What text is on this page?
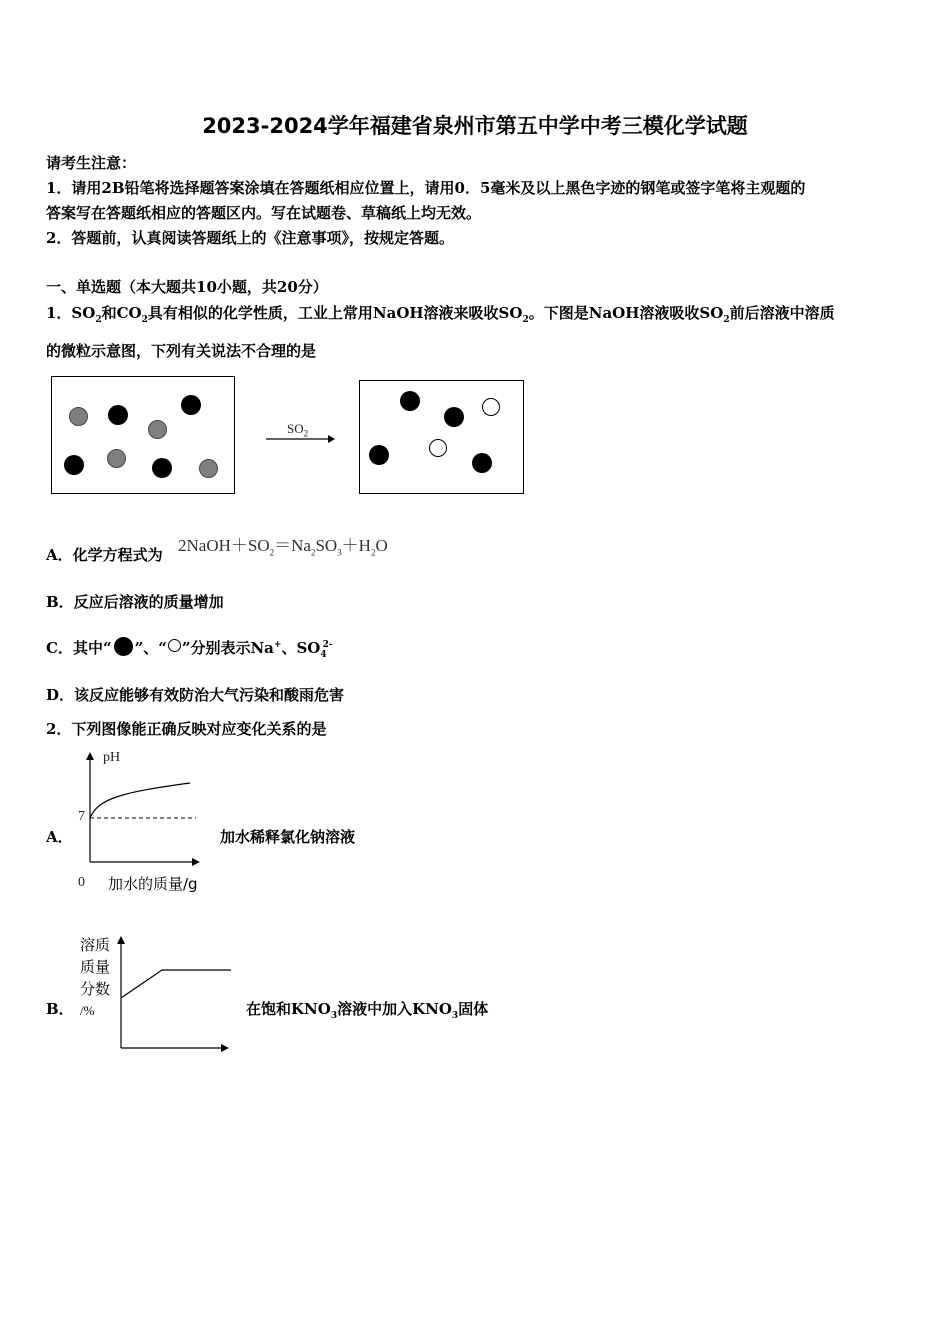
2023-2024学年福建省泉州市第五中学中考三模化学试题
请考生注意：
1．请用2B铅笔将选择题答案涂填在答题纸相应位置上，请用0．5毫米及以上黑色字迹的钢笔或签字笔将主观题的
答案写在答题纸相应的答题区内。写在试题卷、草稿纸上均无效。
2．答题前，认真阅读答题纸上的《注意事项》，按规定答题。
一、单选题（本大题共10小题，共20分）
1．$SO_2$和$CO_2$具有相似的化学性质，工业上常用NaOH溶液来吸收$SO_2$。下图是NaOH溶液吸收$SO_2$前后溶液中溶质
的微粒示意图，下列有关说法不合理的是
$SO_2$
A．化学方程式为 $2NaOH+SO_2=Na_2SO_3+H_2O$
B．反应后溶液的质量增加
C．其中“ ”、“ ”分别表示Na+、$SO_4^{2-}$
D．该反应能够有效防治大气污染和酸雨危害
2．下列图像能正确反映对应变化关系的是
A．
pH
7
0 加水的质量/g
加水稀释氯化钠溶液
B．
溶质
质量
分数
/%	在饱和$KNO_3$溶液中加入$KNO_3$固体
